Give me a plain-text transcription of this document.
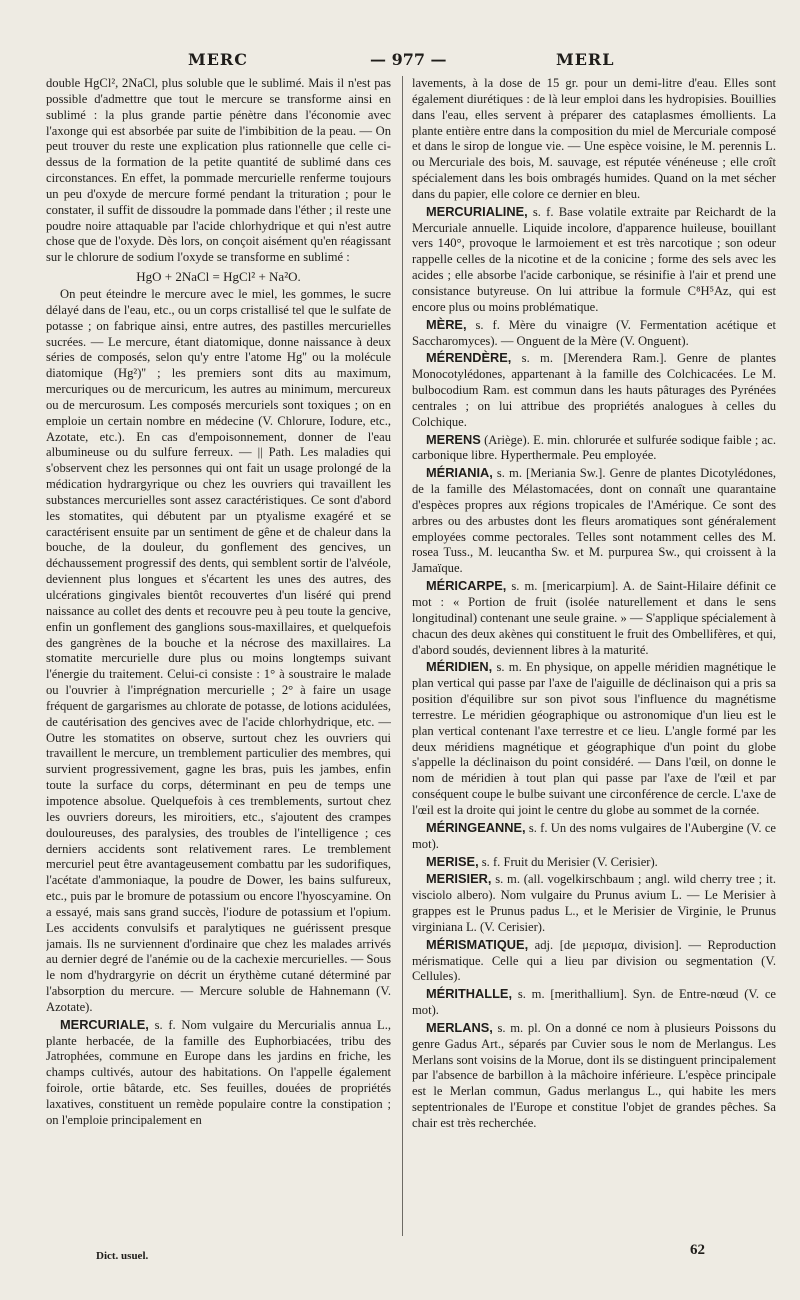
MERC	— 977 —	MERL

double HgCl², 2NaCl, plus soluble que le sublimé. Mais il n'est pas possible d'admettre que tout le mercure se transforme ainsi en sublimé : la plus grande partie pénètre dans l'économie avec l'axonge qui est absorbée par suite de l'imbibition de la peau. — On peut trouver du reste une explication plus rationnelle que celle ci-dessus de la formation de la petite quantité de sublimé dans ces circonstances. En effet, la pommade mercurielle renferme toujours un peu d'oxyde de mercure formé pendant la trituration ; pour le constater, il suffit de dissoudre la pommade dans l'éther ; il reste une poudre noire attaquable par l'acide chlorhydrique et qui n'est autre chose que de l'oxyde. Dès lors, on conçoit aisément qu'en réagissant sur le chlorure de sodium l'oxyde se transforme en sublimé :

HgO + 2NaCl = HgCl² + Na²O.

On peut éteindre le mercure avec le miel, les gommes, le sucre délayé dans de l'eau, etc., ou un corps cristallisé tel que le sulfate de potasse ; on fabrique ainsi, entre autres, des pastilles mercurielles sucrées. — Le mercure, étant diatomique, donne naissance à deux séries de composés, selon qu'y entre l'atome Hg'' ou la molécule diatomique (Hg²)'' ; les premiers sont dits au maximum, mercuriques ou de mercuricum, les autres au minimum, mercureux ou de mercurosum. Les composés mercuriels sont toxiques ; on en emploie un certain nombre en médecine (V. Chlorure, Iodure, etc., Azotate, etc.). En cas d'empoisonnement, donner de l'eau albumineuse ou du sulfure ferreux. — || Path. Les maladies qui s'observent chez les personnes qui ont fait un usage prolongé de la médication hydrargyrique ou chez les ouvriers qui travaillent les substances mercurielles sont assez caractéristiques. Ce sont d'abord les stomatites, qui débutent par un ptyalisme exagéré et se caractérisent ensuite par un sentiment de gêne et de chaleur dans la bouche, de la douleur, du gonflement des gencives, un déchaussement progressif des dents, qui semblent sortir de l'alvéole, deviennent plus longues et s'écartent les unes des autres, des ulcérations gingivales bientôt recouvertes d'un liséré qui prend naissance au collet des dents et recouvre peu à peu toute la gencive, enfin un gonflement des ganglions sous-maxillaires, et quelquefois des gangrènes de la bouche et la nécrose des maxillaires. La stomatite mercurielle dure plus ou moins longtemps suivant l'énergie du traitement. Celui-ci consiste : 1° à soustraire le malade ou l'ouvrier à l'imprégnation mercurielle ; 2° à faire un usage fréquent de gargarismes au chlorate de potasse, de lotions acidulées, de cautérisation des gencives avec de l'acide chlorhydrique, etc. — Outre les stomatites on observe, surtout chez les ouvriers qui travaillent le mercure, un tremblement particulier des membres, qui survient progressivement, gagne les bras, puis les jambes, enfin toute la surface du corps, déterminant en peu de temps une impotence absolue. Quelquefois à ces tremblements, surtout chez les ouvriers doreurs, les miroitiers, etc., s'ajoutent des crampes douloureuses, des paralysies, des troubles de l'intelligence ; ces derniers accidents sont relativement rares. Le tremblement mercuriel peut être avantageusement combattu par les sudorifiques, l'acétate d'ammoniaque, la poudre de Dower, les bains sulfureux, etc., puis par le bromure de potassium ou encore l'hyoscyamine. On a essayé, mais sans grand succès, l'iodure de potassium et l'opium. Les accidents convulsifs et paralytiques ne guérissent presque jamais. Ils ne surviennent d'ordinaire que chez les malades arrivés au dernier degré de l'anémie ou de la cachexie mercurielles. — Sous le nom d'hydrargyrie on décrit un érythème cutané déterminé par l'absorption du mercure. — Mercure soluble de Hahnemann (V. Azotate).

MERCURIALE, s. f. Nom vulgaire du Mercurialis annua L., plante herbacée, de la famille des Euphorbiacées, tribu des Jatrophées, commune en Europe dans les jardins en friche, les champs cultivés, autour des habitations. On l'appelle également foirole, ortie bâtarde, etc. Ses feuilles, douées de propriétés laxatives, constituent un remède populaire contre la constipation ; on l'emploie principalement en

lavements, à la dose de 15 gr. pour un demi-litre d'eau. Elles sont également diurétiques : de là leur emploi dans les hydropisies. Bouillies dans l'eau, elles servent à préparer des cataplasmes émollients. La plante entière entre dans la composition du miel de Mercuriale composé et dans le sirop de longue vie. — Une espèce voisine, le M. perennis L. ou Mercuriale des bois, M. sauvage, est réputée vénéneuse ; elle croît spécialement dans les bois ombragés humides. Quand on la met sécher dans du papier, elle colore ce dernier en bleu.

MERCURIALINE, s. f. Base volatile extraite par Reichardt de la Mercuriale annuelle. Liquide incolore, d'apparence huileuse, bouillant vers 140°, provoque le larmoiement et est très narcotique ; son odeur rappelle celles de la nicotine et de la conicine ; forme des sels avec les acides ; elle absorbe l'acide carbonique, se résinifie à l'air et prend une consistance butyreuse. On lui attribue la formule C⁸H⁵Az, qui est encore plus ou moins problématique.

MÈRE, s. f. Mère du vinaigre (V. Fermentation acétique et Saccharomyces). — Onguent de la Mère (V. Onguent).

MÉRENDÈRE, s. m. [Merendera Ram.]. Genre de plantes Monocotylédones, appartenant à la famille des Colchicacées. Le M. bulbocodium Ram. est commun dans les hauts pâturages des Pyrénées centrales ; on lui attribue des propriétés analogues à celles du Colchique.

MERENS (Ariège). E. min. chlorurée et sulfurée sodique faible ; ac. carbonique libre. Hyperthermale. Peu employée.

MÉRIANIA, s. m. [Meriania Sw.]. Genre de plantes Dicotylédones, de la famille des Mélastomacées, dont on connaît une quarantaine d'espèces propres aux régions tropicales de l'Amérique. Ce sont des arbres ou des arbustes dont les fleurs aromatiques sont généralement employées comme pectorales. Telles sont notamment celles des M. rosea Tuss., M. leucantha Sw. et M. purpurea Sw., qui croissent à la Jamaïque.

MÉRICARPE, s. m. [mericarpium]. A. de Saint-Hilaire définit ce mot : « Portion de fruit (isolée naturellement et dans le sens longitudinal) contenant une seule graine. » — S'applique spécialement à chacun des deux akènes qui constituent le fruit des Ombellifères, et qui, d'abord soudés, deviennent libres à la maturité.

MÉRIDIEN, s. m. En physique, on appelle méridien magnétique le plan vertical qui passe par l'axe de l'aiguille de déclinaison qui a pris sa position d'équilibre sur son pivot sous l'influence du magnétisme terrestre. Le méridien géographique ou astronomique d'un lieu est le plan vertical contenant l'axe terrestre et ce lieu. L'angle formé par les deux méridiens magnétique et géographique d'un point du globe s'appelle la déclinaison du point considéré. — Dans l'œil, on donne le nom de méridien à tout plan qui passe par l'axe de l'œil et par conséquent coupe le bulbe suivant une circonférence de cercle. L'axe de l'œil est la droite qui joint le centre du globe au sommet de la cornée.

MÉRINGEANNE, s. f. Un des noms vulgaires de l'Aubergine (V. ce mot).

MERISE, s. f. Fruit du Merisier (V. Cerisier).

MERISIER, s. m. (all. vogelkirschbaum ; angl. wild cherry tree ; it. visciolo albero). Nom vulgaire du Prunus avium L. — Le Merisier à grappes est le Prunus padus L., et le Merisier de Virginie, le Prunus virginiana L. (V. Cerisier).

MÉRISMATIQUE, adj. [de μερισμα, division]. — Reproduction mérismatique. Celle qui a lieu par division ou segmentation (V. Cellules).

MÉRITHALLE, s. m. [merithallium]. Syn. de Entre-nœud (V. ce mot).

MERLANS, s. m. pl. On a donné ce nom à plusieurs Poissons du genre Gadus Art., séparés par Cuvier sous le nom de Merlangus. Les Merlans sont voisins de la Morue, dont ils se distinguent principalement par l'absence de barbillon à la mâchoire inférieure. L'espèce principale est le Merlan commun, Gadus merlangus L., qui habite les mers septentrionales de l'Europe et constitue l'objet de grandes pêches. Sa chair est très recherchée.

Dict. usuel.	62
